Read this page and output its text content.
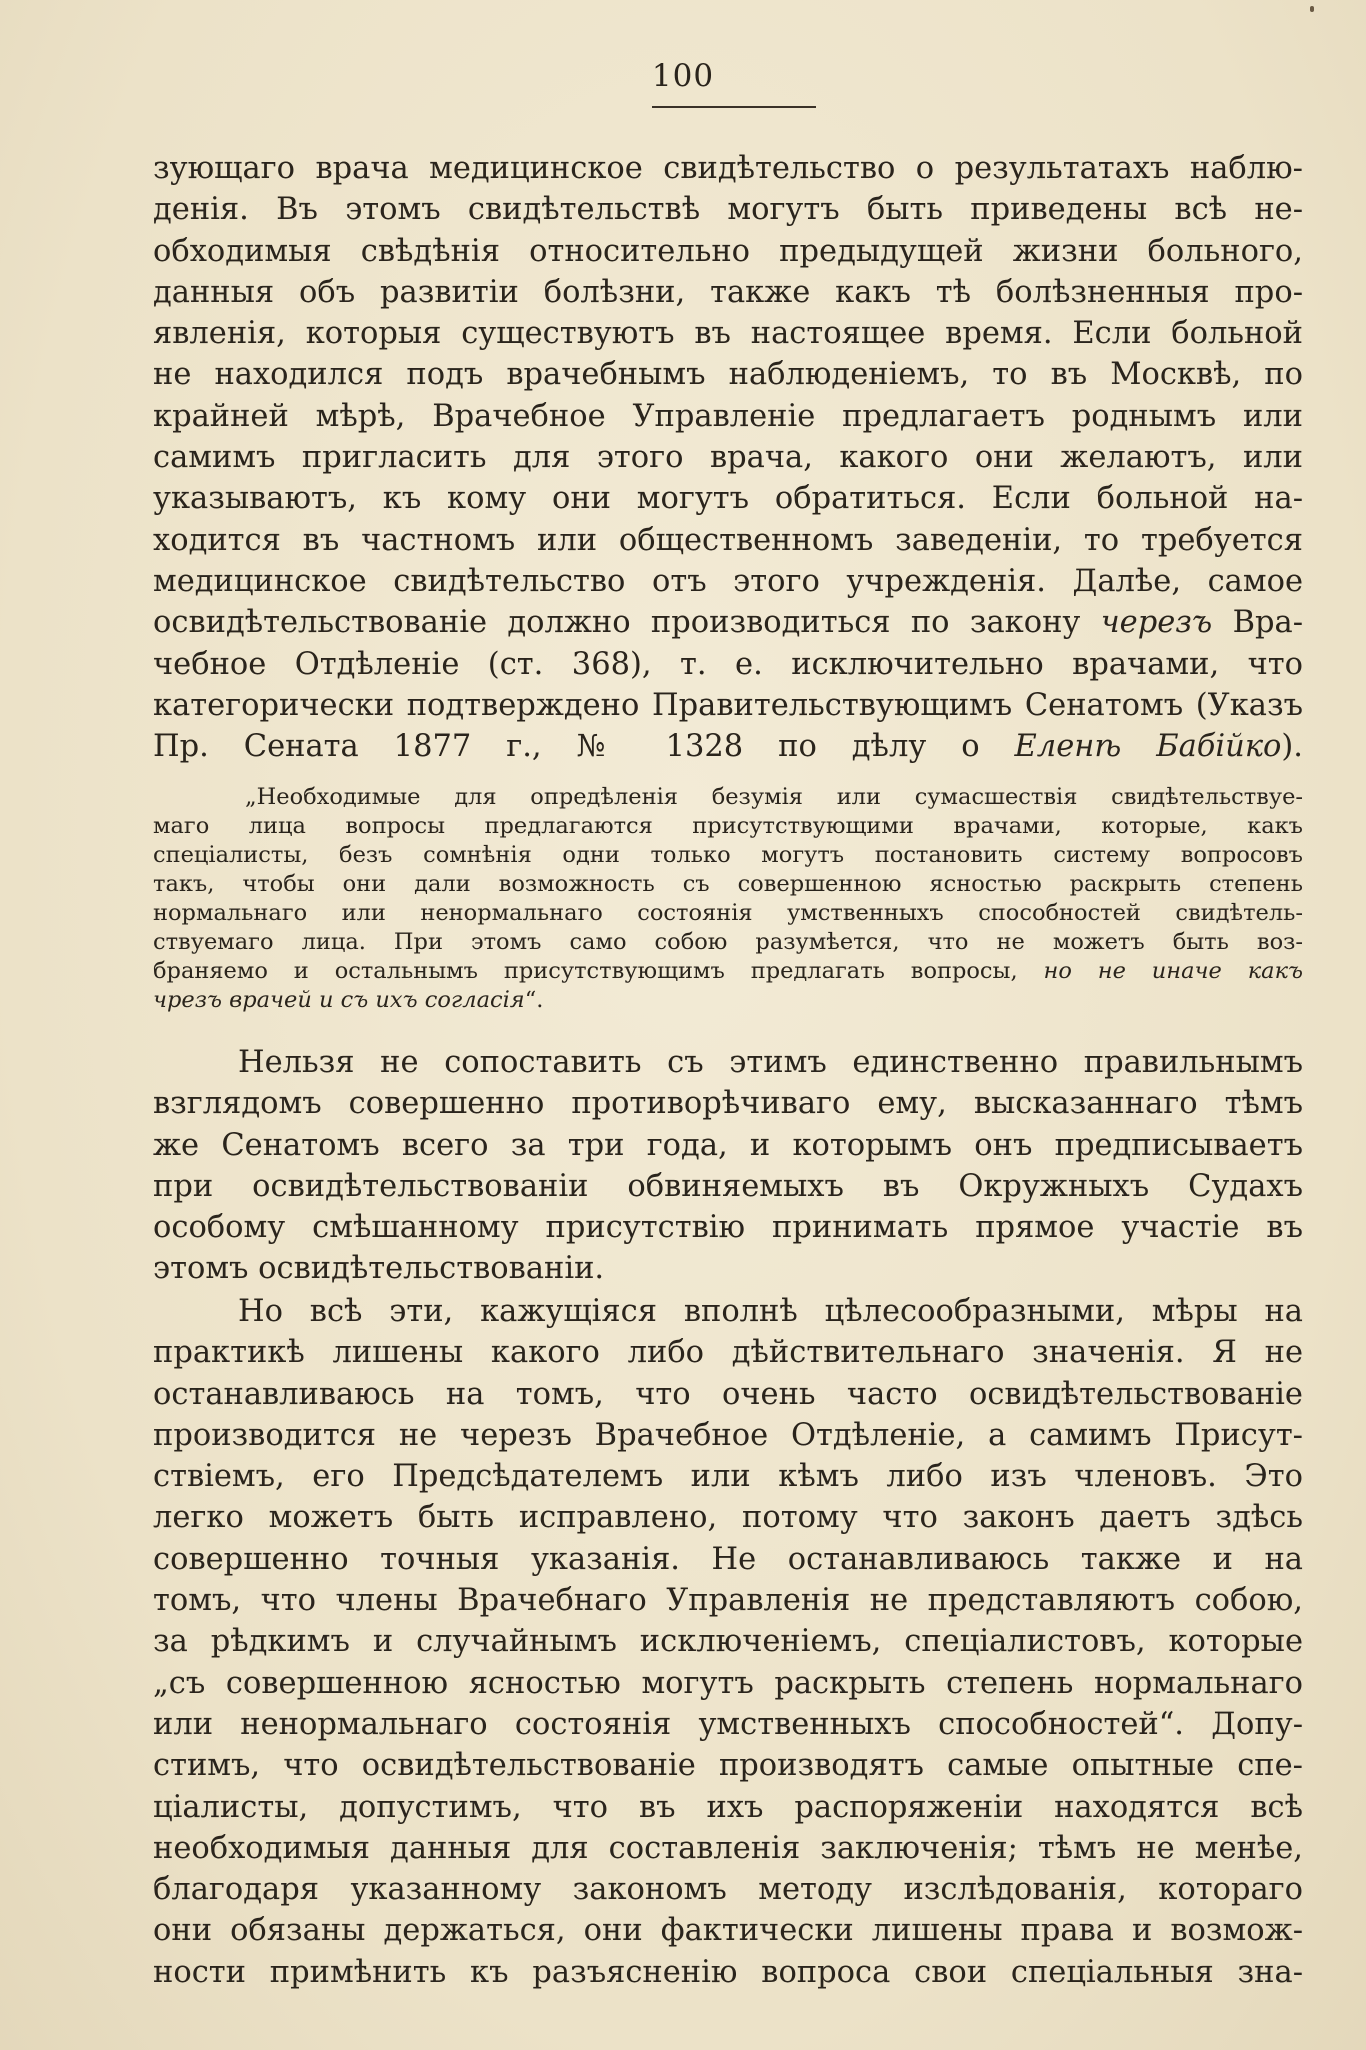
100
зующаго врача медицинское свидѣтельство о результатахъ наблю-
денія. Въ этомъ свидѣтельствѣ могутъ быть приведены всѣ не-
обходимыя свѣдѣнія относительно предыдущей жизни больного,
данныя объ развитіи болѣзни, также какъ тѣ болѣзненныя про-
явленія, которыя существуютъ въ настоящее время. Если больной
не находился подъ врачебнымъ наблюденіемъ, то въ Москвѣ, по
крайней мѣрѣ, Врачебное Управленіе предлагаетъ роднымъ или
самимъ пригласить для этого врача, какого они желаютъ, или
указываютъ, къ кому они могутъ обратиться. Если больной на-
ходится въ частномъ или общественномъ заведеніи, то требуется
медицинское свидѣтельство отъ этого учрежденія. Далѣе, самое
освидѣтельствованіе должно производиться по закону черезъ Вра-
чебное Отдѣленіе (ст. 368), т. е. исключительно врачами, что
категорически подтверждено Правительствующимъ Сенатомъ (Указъ
Пр. Сената 1877 г., № 1328 по дѣлу о Еленѣ Бабійко).
„Необходимые для опредѣленія безумія или сумасшествія свидѣтельствуе-
маго лица вопросы предлагаются присутствующими врачами, которые, какъ
спеціалисты, безъ сомнѣнія одни только могутъ постановить систему вопросовъ
такъ, чтобы они дали возможность съ совершенною ясностью раскрыть степень
нормальнаго или ненормальнаго состоянія умственныхъ способностей свидѣтель-
ствуемаго лица. При этомъ само собою разумѣется, что не можетъ быть воз-
браняемо и остальнымъ присутствующимъ предлагать вопросы, но не иначе какъ
чрезъ врачей и съ ихъ согласія“.
Нельзя не сопоставить съ этимъ единственно правильнымъ
взглядомъ совершенно противорѣчиваго ему, высказаннаго тѣмъ
же Сенатомъ всего за три года, и которымъ онъ предписываетъ
при освидѣтельствованіи обвиняемыхъ въ Окружныхъ Судахъ
особому смѣшанному присутствію принимать прямое участіе въ
этомъ освидѣтельствованіи.
Но всѣ эти, кажущіяся вполнѣ цѣлесообразными, мѣры на
практикѣ лишены какого либо дѣйствительнаго значенія. Я не
останавливаюсь на томъ, что очень часто освидѣтельствованіе
производится не черезъ Врачебное Отдѣленіе, а самимъ Присут-
ствіемъ, его Предсѣдателемъ или кѣмъ либо изъ членовъ. Это
легко можетъ быть исправлено, потому что законъ даетъ здѣсь
совершенно точныя указанія. Не останавливаюсь также и на
томъ, что члены Врачебнаго Управленія не представляютъ собою,
за рѣдкимъ и случайнымъ исключеніемъ, спеціалистовъ, которые
„съ совершенною ясностью могутъ раскрыть степень нормальнаго
или ненормальнаго состоянія умственныхъ способностей“. Допу-
стимъ, что освидѣтельствованіе производятъ самые опытные спе-
ціалисты, допустимъ, что въ ихъ распоряженіи находятся всѣ
необходимыя данныя для составленія заключенія; тѣмъ не менѣе,
благодаря указанному закономъ методу изслѣдованія, котораго
они обязаны держаться, они фактически лишены права и возмож-
ности примѣнить къ разъясненію вопроса свои спеціальныя зна-
